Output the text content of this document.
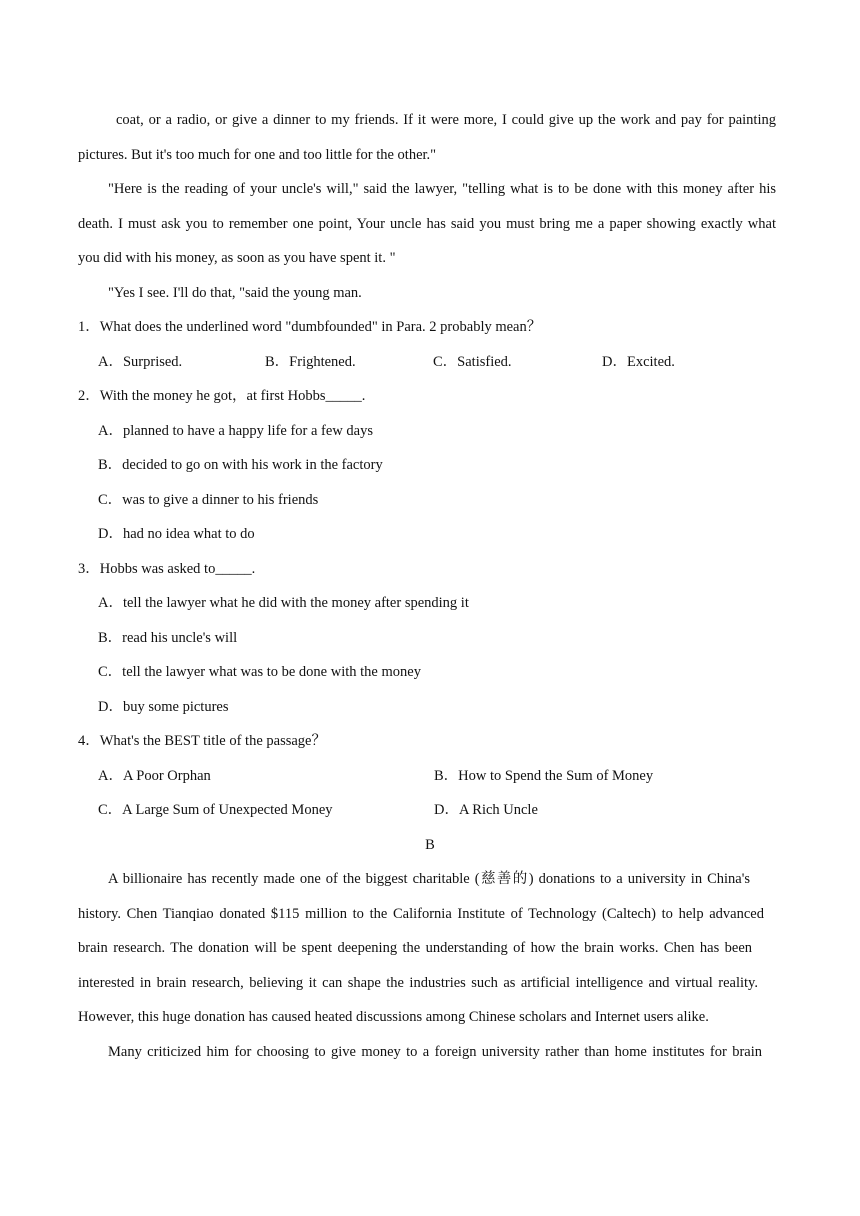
coat, or a radio, or give a dinner to my friends. If it were more, I could give up the work and pay for painting
pictures. But it's too much for one and too little for the other."
"Here is the reading of your uncle's will," said the lawyer, "telling what is to be done with this money after his
death. I must ask you to remember one point, Your uncle has said you must bring me a paper showing exactly what
you did with his money, as soon as you have spent it. "
"Yes I see. I'll do that, "said the young man.
1．What does the underlined word "dumbfounded" in Para. 2 probably mean？
A．Surprised.	B．Frightened.	C．Satisfied.	D．Excited.
2．With the money he got，at first Hobbs_____.
A．planned to have a happy life for a few days
B．decided to go on with his work in the factory
C．was to give a dinner to his friends
D．had no idea what to do
3．Hobbs was asked to_____.
A．tell the lawyer what he did with the money after spending it
B．read his uncle's will
C．tell the lawyer what was to be done with the money
D．buy some pictures
4．What's the BEST title of the passage？
A．A Poor Orphan	B．How to Spend the Sum of Money
C．A Large Sum of Unexpected Money	D．A Rich Uncle
B
A billionaire has recently made one of the biggest charitable (慈善的) donations to a university in China's
history. Chen Tianqiao donated $115 million to the California Institute of Technology (Caltech) to help advanced
brain research. The donation will be spent deepening the understanding of how the brain works. Chen has been
interested in brain research, believing it can shape the industries such as artificial intelligence and virtual reality.
However, this huge donation has caused heated discussions among Chinese scholars and Internet users alike.
Many criticized him for choosing to give money to a foreign university rather than home institutes for brain
